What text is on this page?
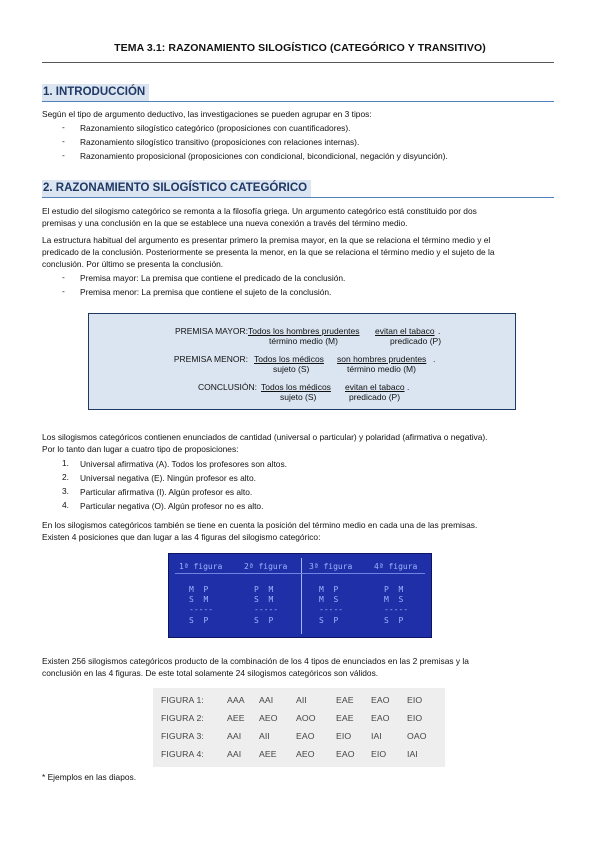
TEMA 3.1: RAZONAMIENTO SILOGÍSTICO (CATEGÓRICO Y TRANSITIVO)
1. INTRODUCCIÓN
Según el tipo de argumento deductivo, las investigaciones se pueden agrupar en 3 tipos:
- Razonamiento silogístico categórico (proposiciones con cuantificadores).
- Razonamiento silogístico transitivo (proposiciones con relaciones internas).
- Razonamiento proposicional (proposiciones con condicional, bicondicional, negación y disyunción).
2. RAZONAMIENTO SILOGÍSTICO CATEGÓRICO
El estudio del silogismo categórico se remonta a la filosofía griega. Un argumento categórico está constituido por dos
premisas y una conclusión en la que se establece una nueva conexión a través del término medio.
La estructura habitual del argumento es presentar primero la premisa mayor, en la que se relaciona el término medio y el
predicado de la conclusión. Posteriormente se presenta la menor, en la que se relaciona el término medio y el sujeto de la
conclusión. Por último se presenta la conclusión.
- Premisa mayor: La premisa que contiene el predicado de la conclusión.
- Premisa menor: La premisa que contiene el sujeto de la conclusión.
PREMISA MAYOR: Todos los hombres prudentes evitan el tabaco .
término medio (M)	predicado (P)
PREMISA MENOR: Todos los médicos son hombres prudentes .
sujeto (S)	término medio (M)
CONCLUSIÓN: Todos los médicos evitan el tabaco .
sujeto (S)	predicado (P)
Los silogismos categóricos contienen enunciados de cantidad (universal o particular) y polaridad (afirmativa o negativa).
Por lo tanto dan lugar a cuatro tipo de proposiciones:
1. Universal afirmativa (A). Todos los profesores son altos.
2. Universal negativa (E). Ningún profesor es alto.
3. Particular afirmativa (I). Algún profesor es alto.
4. Particular negativa (O). Algún profesor no es alto.
En los silogismos categóricos también se tiene en cuenta la posición del término medio en cada una de las premisas.
Existen 4 posiciones que dan lugar a las 4 figuras del silogismo categórico:
1ª figura	2ª figura	3ª figura	4ª figura
M  P	P  M	M  P	P  M
S  M	S  M	M  S	M  S
-----	-----	-----	-----
S  P	S  P	S  P	S  P
Existen 256 silogismos categóricos producto de la combinación de los 4 tipos de enunciados en las 2 premisas y la
conclusión en las 4 figuras. De este total solamente 24 silogismos categóricos son válidos.
FIGURA 1:	AAA AAI	AII	EAE EAO EIO
FIGURA 2:	AEE AEO AOO EAE EAO EIO
FIGURA 3:	AAI AII	EAO EIO IAI	OAO
FIGURA 4:	AAI AEE AEO EAO EIO IAI
* Ejemplos en las diapos.
